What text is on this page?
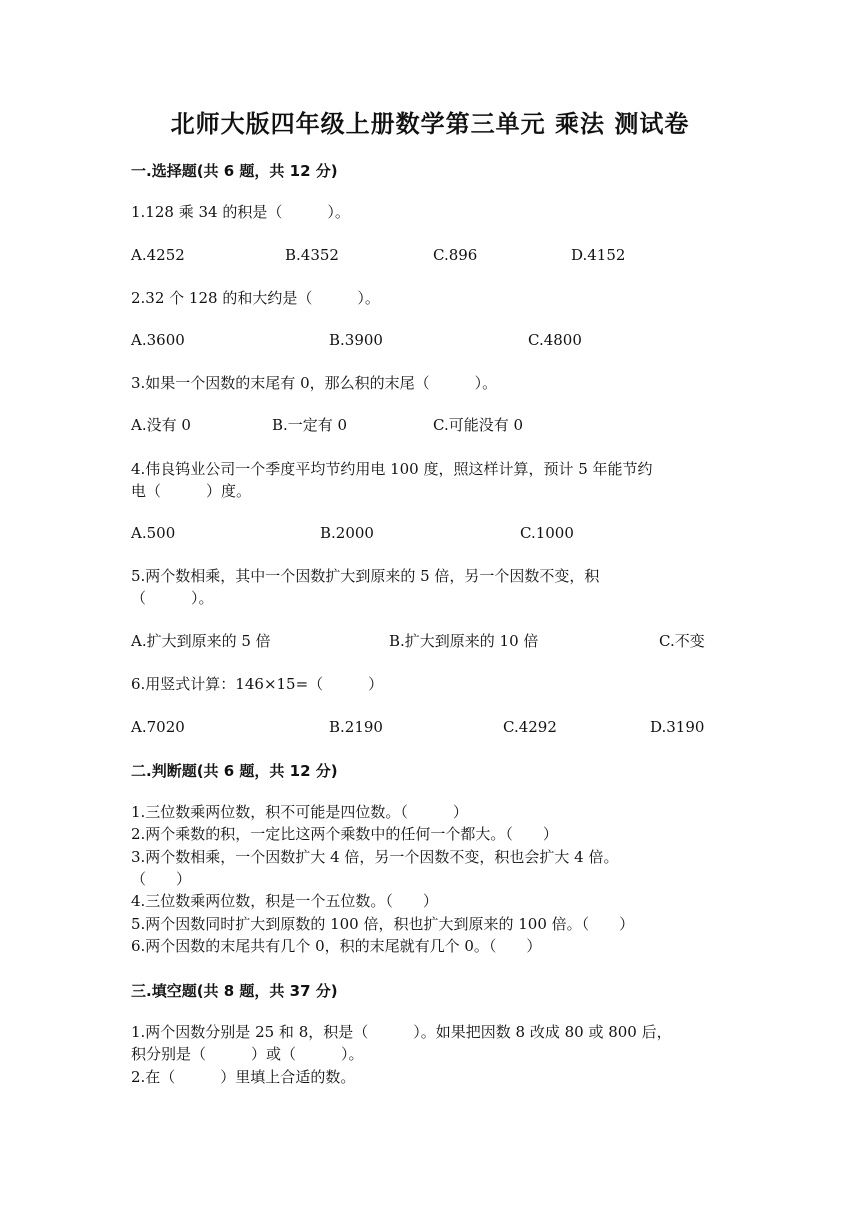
北师大版四年级上册数学第三单元 乘法 测试卷
一.选择题(共 6 题，共 12 分)
1.128 乘 34 的积是（　　　）。
A.4252	B.4352	C.896	D.4152
2.32 个 128 的和大约是（　　　）。
A.3600	B.3900	C.4800
3.如果一个因数的末尾有 0，那么积的末尾（　　　）。
A.没有 0	B.一定有 0	C.可能没有 0
4.伟良钨业公司一个季度平均节约用电 100 度，照这样计算，预计 5 年能节约
电（　　　）度。
A.500	B.2000	C.1000
5.两个数相乘，其中一个因数扩大到原来的 5 倍，另一个因数不变，积
（　　　）。
A.扩大到原来的 5 倍	B.扩大到原来的 10 倍	C.不变
6.用竖式计算：146×15=（　　　）
A.7020	B.2190	C.4292	D.3190
二.判断题(共 6 题，共 12 分)
1.三位数乘两位数，积不可能是四位数。（　　　）
2.两个乘数的积，一定比这两个乘数中的任何一个都大。（　　）
3.两个数相乘，一个因数扩大 4 倍，另一个因数不变，积也会扩大 4 倍。
（　　）
4.三位数乘两位数，积是一个五位数。（　　）
5.两个因数同时扩大到原数的 100 倍，积也扩大到原来的 100 倍。（　　）
6.两个因数的末尾共有几个 0，积的末尾就有几个 0。（　　）
三.填空题(共 8 题，共 37 分)
1.两个因数分别是 25 和 8，积是（　　　）。如果把因数 8 改成 80 或 800 后，
积分别是（　　　）或（　　　）。
2.在（　　　）里填上合适的数。
